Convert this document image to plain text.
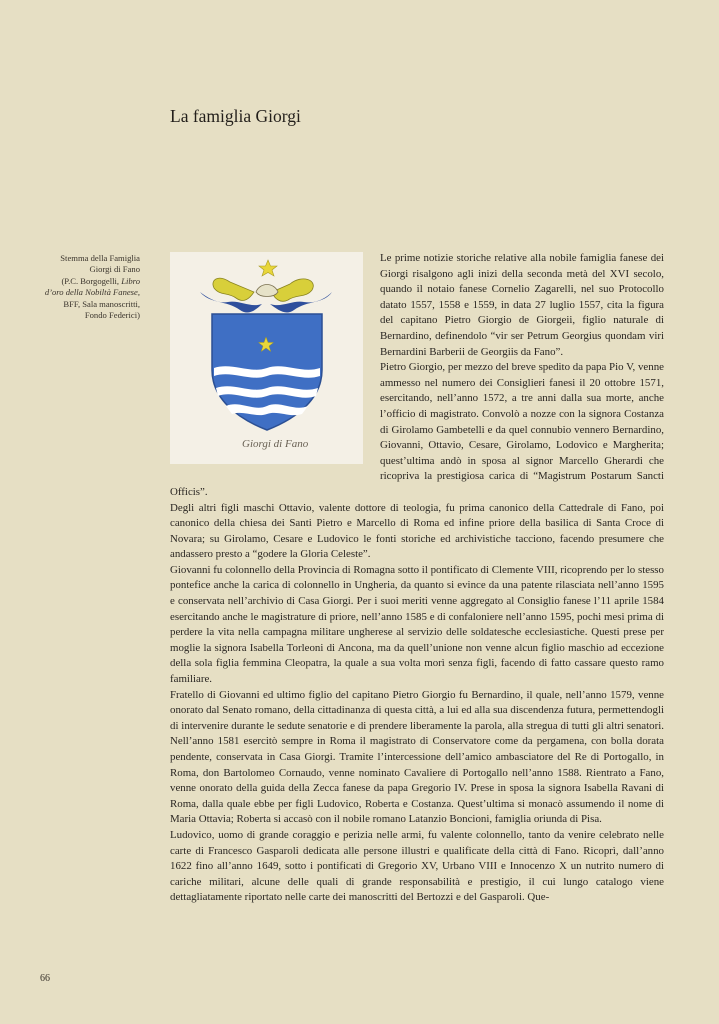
La famiglia Giorgi
Stemma della Famiglia
Giorgi di Fano
(P.C. Borgogelli, Libro
d’oro della Nobiltà Fanese,
BFF, Sala manoscritti,
Fondo Federici)
Giorgi di Fano

Le prime notizie storiche relative alla nobile famiglia fanese dei Giorgi risalgono agli inizi della seconda metà del XVI secolo, quando il notaio fanese Cornelio Zagarelli, nel suo Protocollo datato 1557, 1558 e 1559, in data 27 luglio 1557, cita la figura del capitano Pietro Giorgio de Giorgeii, figlio naturale di Bernardino, definendolo “vir ser Petrum Georgius quondam viri Bernardini Barberii de Georgiis da Fano”.

Pietro Giorgio, per mezzo del breve spedito da papa Pio V, venne ammesso nel numero dei Consiglieri fanesi il 20 ottobre 1571, esercitando, nell’anno 1572, a tre anni dalla sua morte, anche l’officio di magistrato. Convolò a nozze con la signora Costanza di Girolamo Gambetelli e da quel connubio vennero Bernardino, Giovanni, Ottavio, Cesare, Girolamo, Lodovico e Margherita; quest’ultima andò in sposa al signor Marcello Gherardi che ricopriva la prestigiosa carica di “Magistrum Postarum Sancti Officis”.

Degli altri figli maschi Ottavio, valente dottore di teologia, fu prima canonico della Cattedrale di Fano, poi canonico della chiesa dei Santi Pietro e Marcello di Roma ed infine priore della basilica di Santa Croce di Novara; su Girolamo, Cesare e Ludovico le fonti storiche ed archivistiche tacciono, facendo presumere che andassero presto a “godere la Gloria Celeste”.

Giovanni fu colonnello della Provincia di Romagna sotto il pontificato di Clemente VIII, ricoprendo per lo stesso pontefice anche la carica di colonnello in Ungheria, da quanto si evince da una patente rilasciata nell’anno 1595 e conservata nell’archivio di Casa Giorgi. Per i suoi meriti venne aggregato al Consiglio fanese l’11 aprile 1584 esercitando anche le magistrature di priore, nell’anno 1585 e di confaloniere nell’anno 1595, pochi mesi prima di perdere la vita nella campagna militare ungherese al servizio delle soldatesche ecclesiastiche. Questi prese per moglie la signora Isabella Torleoni di Ancona, ma da quell’unione non venne alcun figlio maschio ad eccezione della sola figlia femmina Cleopatra, la quale a sua volta morì senza figli, facendo di fatto cassare questo ramo familiare.

Fratello di Giovanni ed ultimo figlio del capitano Pietro Giorgio fu Bernardino, il quale, nell’anno 1579, venne onorato dal Senato romano, della cittadinanza di questa città, a lui ed alla sua discendenza futura, permettendogli di intervenire durante le sedute senatorie e di prendere liberamente la parola, alla stregua di tutti gli altri senatori. Nell’anno 1581 esercitò sempre in Roma il magistrato di Conservatore come da pergamena, con bolla dorata pendente, conservata in Casa Giorgi. Tramite l’intercessione dell’amico ambasciatore del Re di Portogallo, in Roma, don Bartolomeo Cornaudo, venne nominato Cavaliere di Portogallo nell’anno 1588. Rientrato a Fano, venne onorato della guida della Zecca fanese da papa Gregorio IV. Prese in sposa la signora Isabella Ravani di Roma, dalla quale ebbe per figli Ludovico, Roberta e Costanza. Quest’ultima si monacò assumendo il nome di Maria Ottavia; Roberta si accasò con il nobile romano Latanzio Boncioni, famiglia oriunda di Pisa.

Ludovico, uomo di grande coraggio e perizia nelle armi, fu valente colonnello, tanto da venire celebrato nelle carte di Francesco Gasparoli dedicata alle persone illustri e qualificate della città di Fano. Ricoprì, dall’anno 1622 fino all’anno 1649, sotto i pontificati di Gregorio XV, Urbano VIII e Innocenzo X un nutrito numero di cariche militari, alcune delle quali di grande responsabilità e prestigio, il cui lungo catalogo viene dettagliatamente riportato nelle carte dei manoscritti del Bertozzi e del Gasparoli. Que-

66
